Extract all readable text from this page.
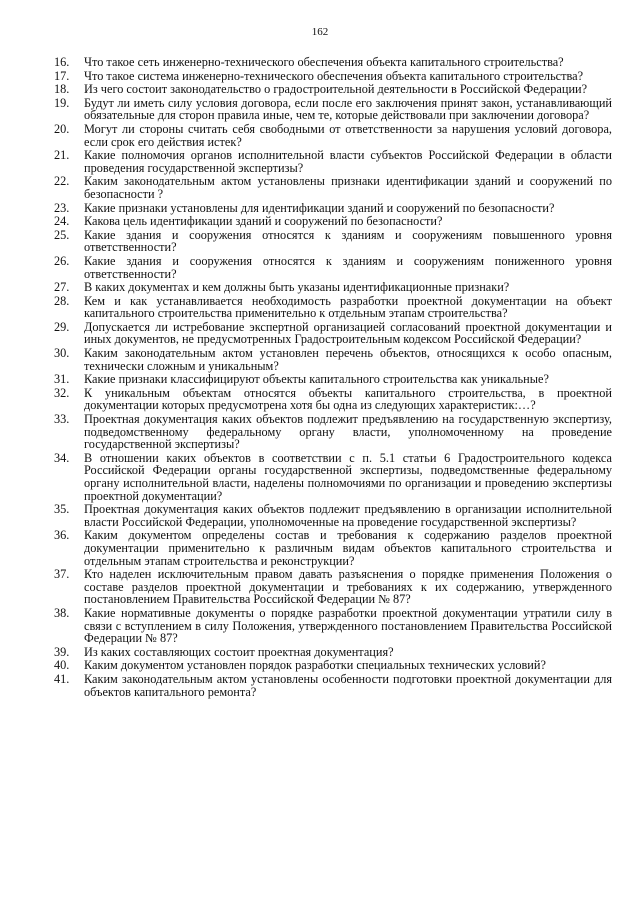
162
16.	Что такое сеть инженерно-технического обеспечения объекта капитального строительства?
17.	Что такое система инженерно-технического обеспечения объекта капитального строительства?
18.	Из чего состоит законодательство о градостроительной деятельности в Российской Федерации?
19.	Будут ли иметь силу условия договора, если после его заключения принят закон, устанавливающий обязательные для сторон правила иные, чем те, которые действовали при заключении договора?
20.	Могут ли стороны считать себя свободными от ответственности за нарушения условий договора, если срок его действия истек?
21.	Какие полномочия органов исполнительной власти субъектов Российской Федерации в области проведения государственной экспертизы?
22.	Каким законодательным актом установлены признаки идентификации зданий и сооружений по безопасности ?
23.	Какие признаки установлены для идентификации зданий и сооружений по безопасности?
24.	Какова цель идентификации зданий и сооружений по безопасности?
25.	Какие здания и сооружения относятся к зданиям и сооружениям повышенного уровня ответственности?
26.	Какие здания и сооружения относятся к зданиям и сооружениям пониженного уровня ответственности?
27.	В каких документах и кем должны быть указаны идентификационные признаки?
28.	Кем и как устанавливается необходимость разработки проектной документации на объект капитального строительства применительно к отдельным этапам строительства?
29.	Допускается ли истребование экспертной организацией согласований проектной документации и иных документов, не предусмотренных Градостроительным кодексом Российской Федерации?
30.	Каким законодательным актом установлен перечень объектов, относящихся к особо опасным, технически сложным и уникальным?
31.	Какие признаки классифицируют объекты капитального строительства как уникальные?
32.	К уникальным объектам относятся объекты капитального строительства, в проектной документации которых предусмотрена хотя бы одна из следующих характеристик:…?
33.	Проектная документация каких объектов подлежит предъявлению на государственную экспертизу, подведомственному федеральному органу власти, уполномоченному на проведение государственной экспертизы?
34.	В отношении каких объектов в соответствии с п. 5.1 статьи 6 Градостроительного кодекса Российской Федерации органы государственной экспертизы, подведомственные федеральному органу исполнительной власти, наделены полномочиями по организации и проведению экспертизы проектной документации?
35.	Проектная документация каких объектов подлежит предъявлению в организации исполнительной власти Российской Федерации, уполномоченные на проведение государственной экспертизы?
36.	Каким документом определены состав и требования к содержанию разделов проектной документации применительно к различным видам объектов капитального строительства и отдельным этапам строительства и реконструкции?
37.	Кто наделен исключительным правом давать разъяснения о порядке применения Положения о составе разделов проектной документации и требованиях к их содержанию, утвержденного постановлением Правительства Российской Федерации № 87?
38.	Какие нормативные документы о порядке разработки проектной документации утратили силу в связи с вступлением в силу Положения, утвержденного постановлением Правительства Российской Федерации № 87?
39.	Из каких составляющих состоит проектная документация?
40.	Каким документом установлен порядок разработки специальных технических условий?
41.	Каким законодательным актом установлены особенности подготовки проектной документации для объектов капитального ремонта?
